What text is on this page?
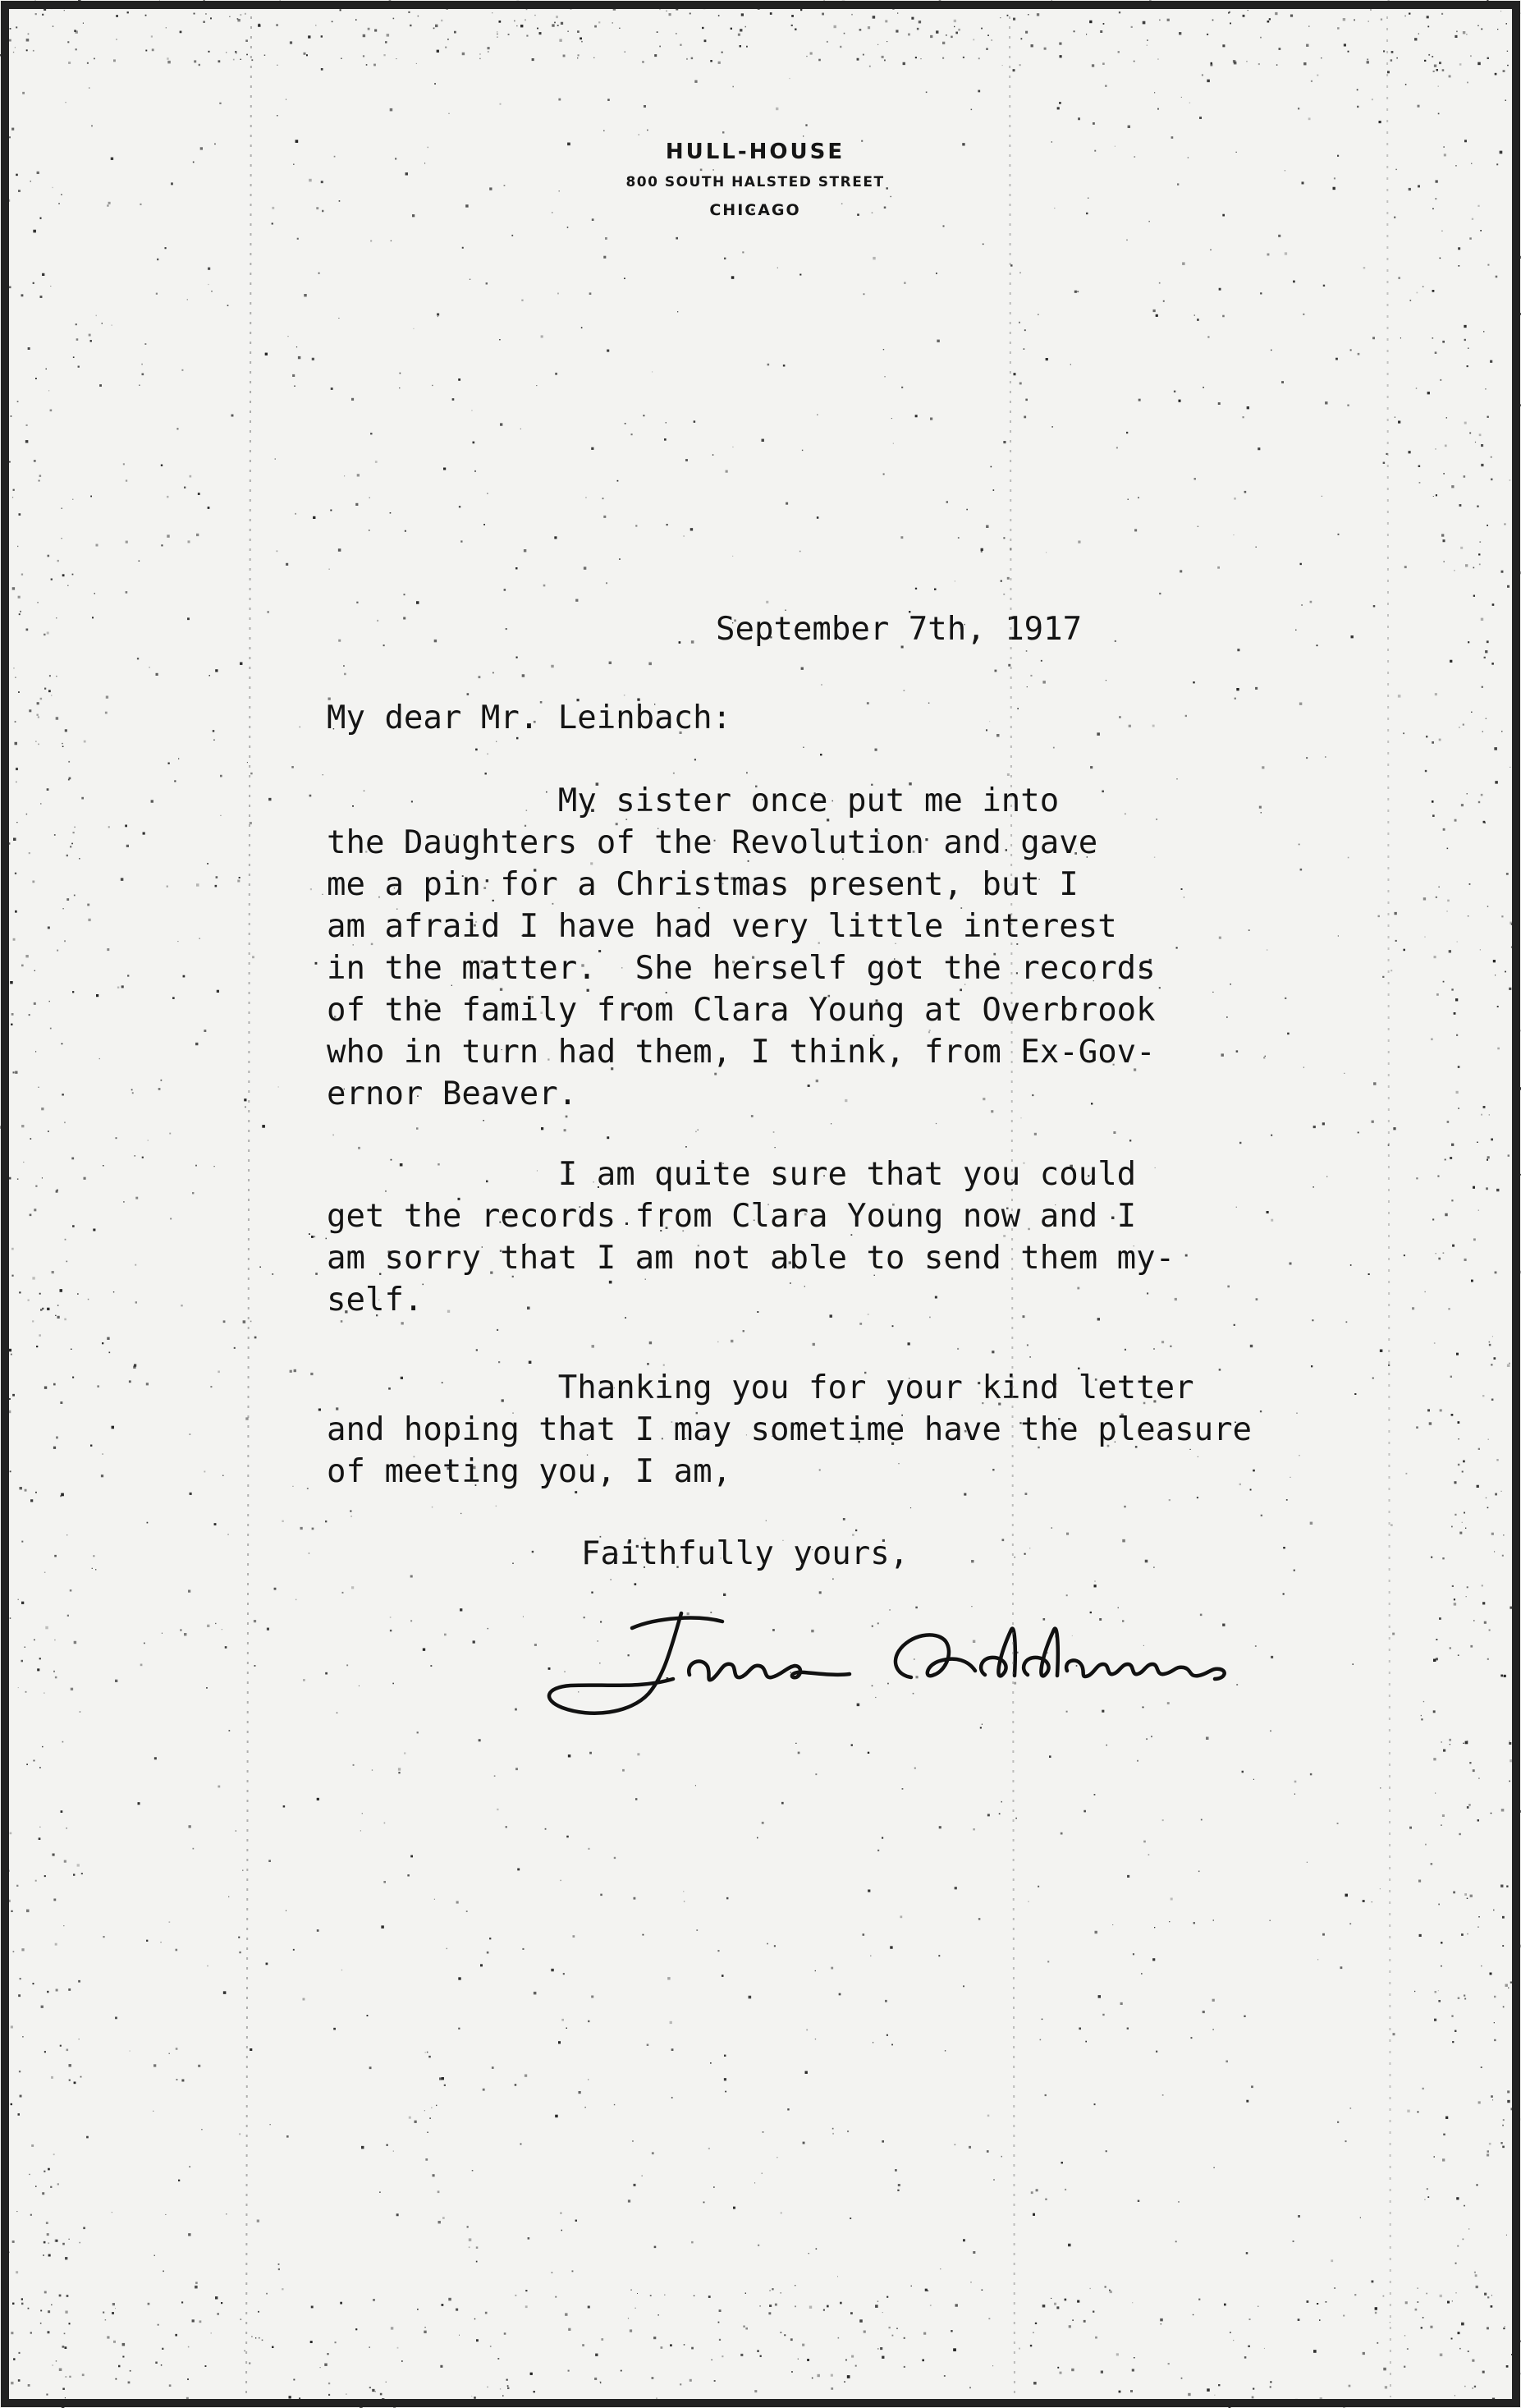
HULL-HOUSE
800 SOUTH HALSTED STREET
CHICAGO
September 7th, 1917
My dear Mr. Leinbach:
My sister once put me into
the Daughters of the Revolution and gave
me a pin for a Christmas present, but I
am afraid I have had very little interest
in the matter.  She herself got the records
of the family from Clara Young at Overbrook
who in turn had them, I think, from Ex-Gov-
ernor Beaver.
I am quite sure that you could
get the records from Clara Young now and I
am sorry that I am not able to send them my-
self.
Thanking you for your kind letter
and hoping that I may sometime have the pleasure
of meeting you, I am,
Faithfully yours,
